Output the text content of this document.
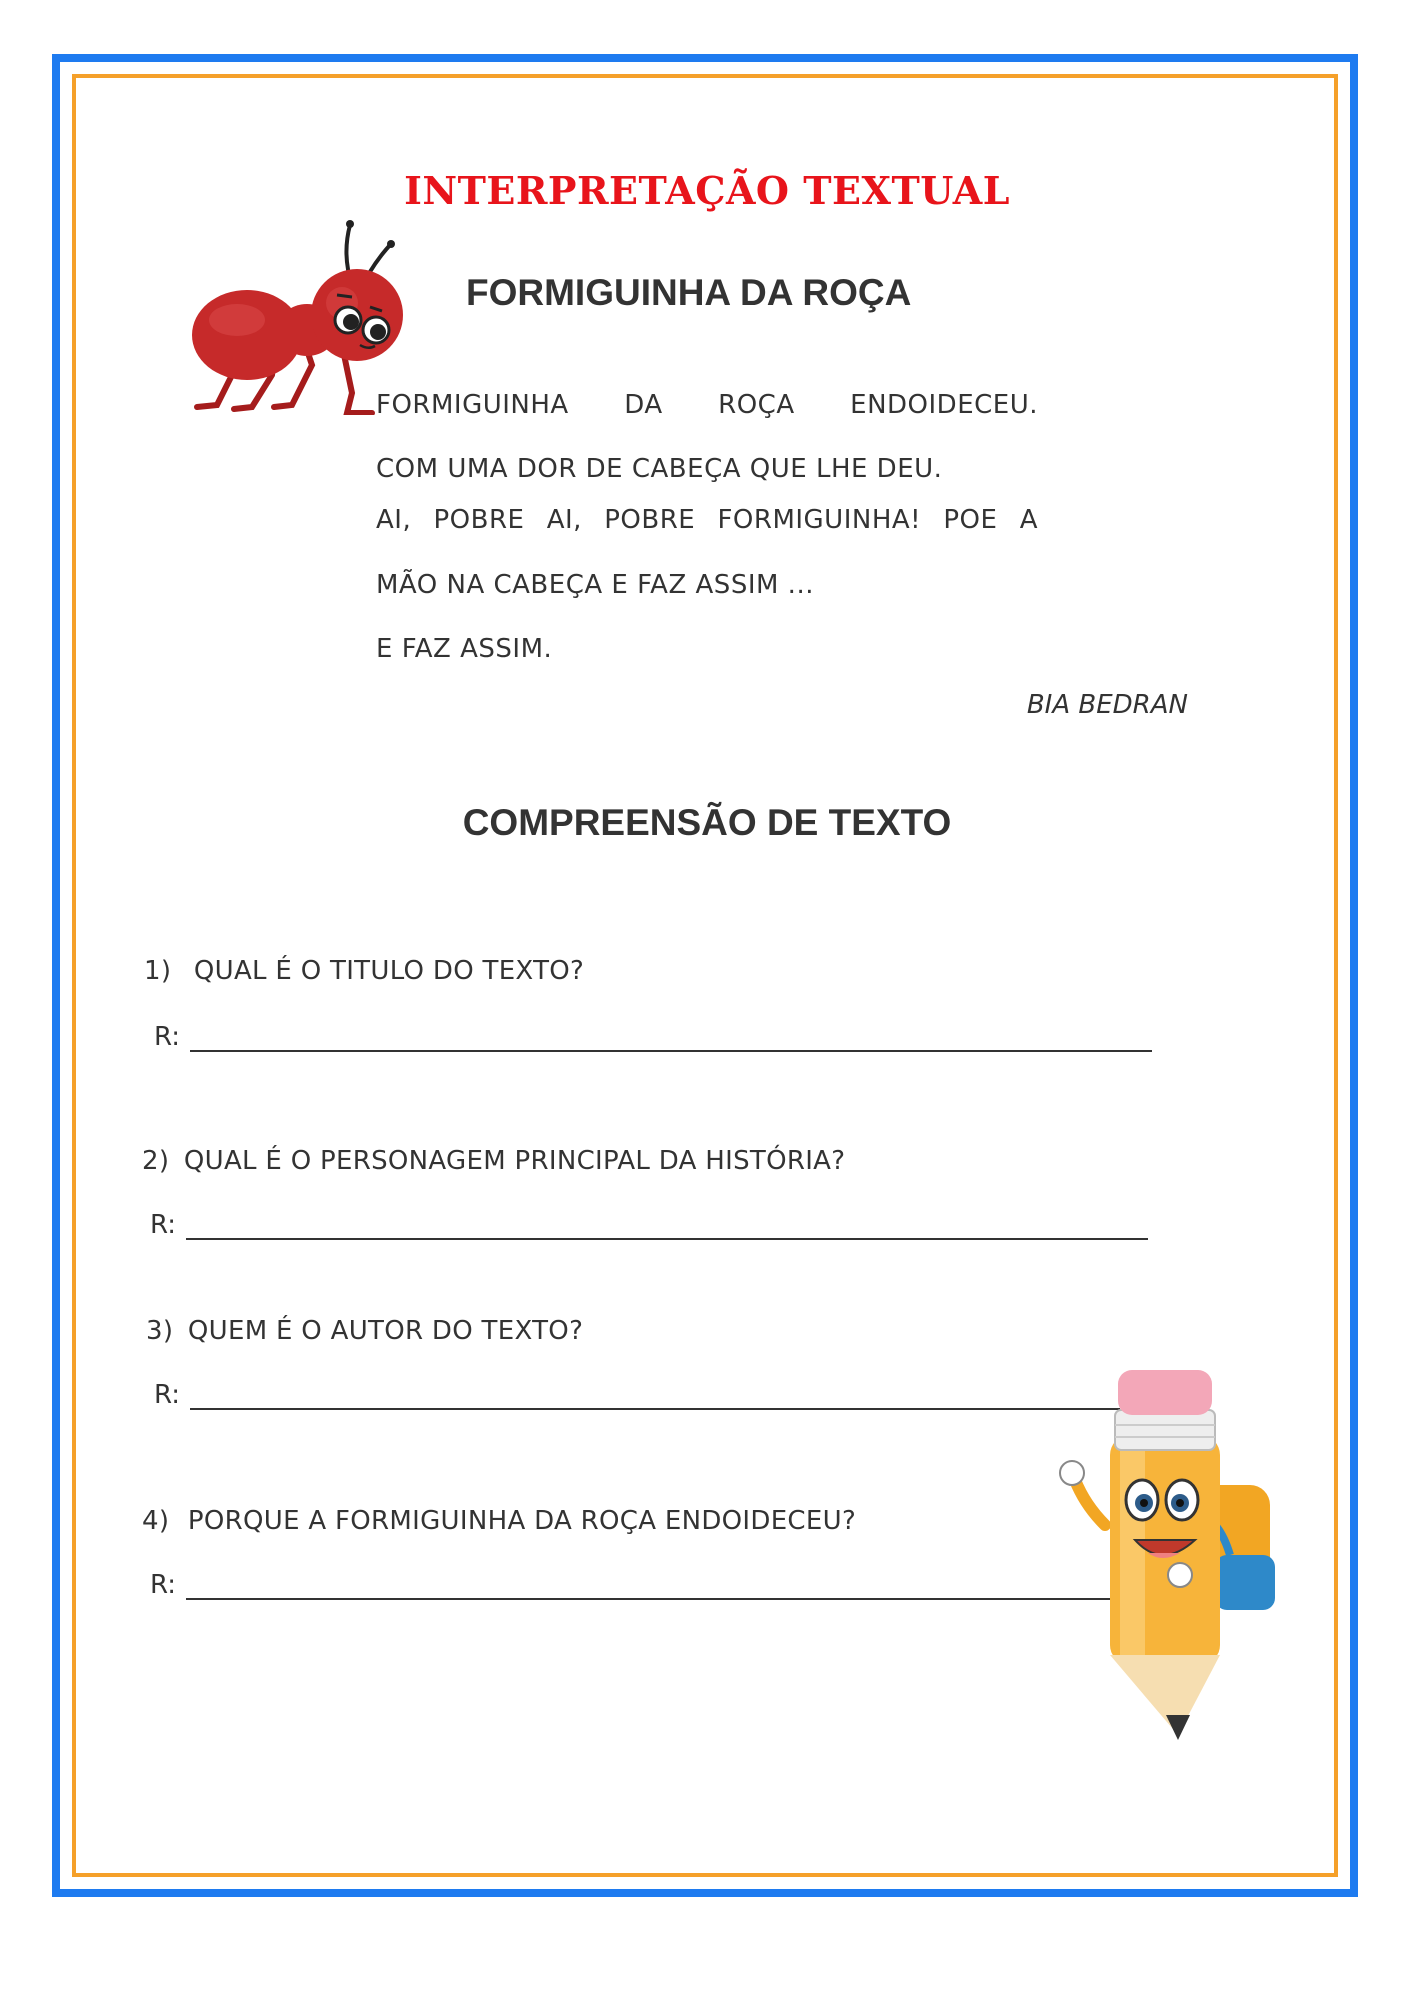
INTERPRETAÇÃO TEXTUAL
FORMIGUINHA DA ROÇA
FORMIGUINHA DA ROÇA ENDOIDECEU.
COM UMA DOR DE CABEÇA QUE LHE DEU.
AI, POBRE AI, POBRE FORMIGUINHA! POE A
MÃO NA CABEÇA E FAZ ASSIM ...
E FAZ ASSIM.
BIA BEDRAN
COMPREENSÃO DE TEXTO
1) QUAL É O TITULO DO TEXTO?
R:
2) QUAL É O PERSONAGEM PRINCIPAL DA HISTÓRIA?
R:
3) QUEM É O AUTOR DO TEXTO?
R:
4) PORQUE A FORMIGUINHA DA ROÇA ENDOIDECEU?
R:
